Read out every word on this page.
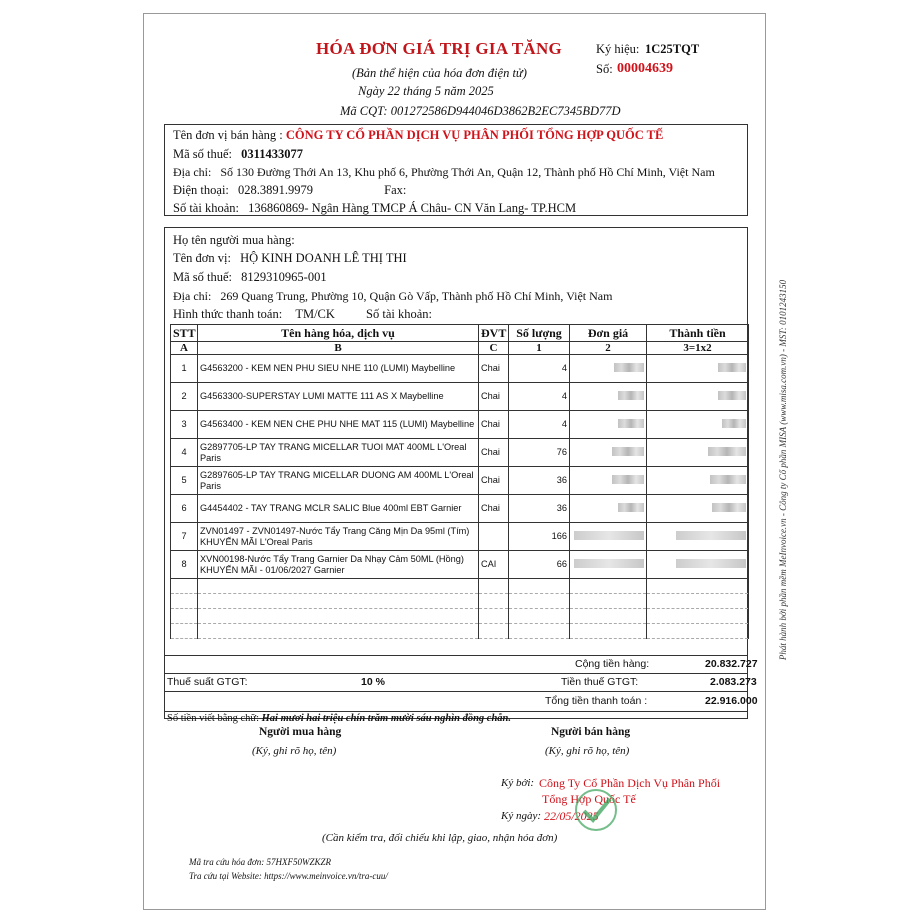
HÓA ĐƠN GIÁ TRỊ GIA TĂNG
(Bản thể hiện của hóa đơn điện tử)
Ngày 22 tháng 5 năm 2025
Mã CQT: 001272586D944046D3862B2EC7345BD77D
Ký hiệu: 1C25TQT
Số: 00004639
Tên đơn vị bán hàng : CÔNG TY CỔ PHẦN DỊCH VỤ PHÂN PHỐI TỔNG HỢP QUỐC TẾ
Mã số thuế: 0311433077
Địa chỉ: Số 130 Đường Thới An 13, Khu phố 6, Phường Thới An, Quận 12, Thành phố Hồ Chí Minh, Việt Nam
Điện thoại: 028.3891.9979	Fax:
Số tài khoản: 136860869- Ngân Hàng TMCP Á Châu- CN Văn Lang- TP.HCM
Họ tên người mua hàng:
Tên đơn vị: HỘ KINH DOANH LÊ THỊ THI
Mã số thuế: 8129310965-001
Địa chỉ: 269 Quang Trung, Phường 10, Quận Gò Vấp, Thành phố Hồ Chí Minh, Việt Nam
Hình thức thanh toán: TM/CK Số tài khoản:
STT	Tên hàng hóa, dịch vụ	ĐVT	Số lượng	Đơn giá	Thành tiền
A	B	C	1	2	3=1x2
1	G4563200 - KEM NEN PHU SIEU NHE 110 (LUMI) Maybelline	Chai	4		
2	G4563300-SUPERSTAY LUMI MATTE 111 AS X Maybelline	Chai	4		
3	G4563400 - KEM NEN CHE PHU NHE MAT 115 (LUMI) Maybelline	Chai	4		
4	G2897705-LP TAY TRANG MICELLAR TUOI MAT 400ML L'Oreal Paris	Chai	76		
5	G2897605-LP TAY TRANG MICELLAR DUONG AM 400ML L'Oreal Paris	Chai	36		
6	G4454402 - TAY TRANG MCLR SALIC Blue 400ml EBT Garnier	Chai	36		
7	ZVN01497 - ZVN01497-Nước Tẩy Trang Căng Mịn Da 95ml (Tím) KHUYẾN MÃI L'Oreal Paris		166		
8	XVN00198-Nước Tẩy Trang Garnier Da Nhạy Cảm 50ML (Hồng) KHUYẾN MÃI - 01/06/2027 Garnier	CAI	66		

Cộng tiền hàng:	20.832.727
Thuế suất GTGT:	10 %	Tiền thuế GTGT:	2.083.273
Tổng tiền thanh toán :	22.916.000
Số tiền viết bằng chữ: Hai mươi hai triệu chín trăm mười sáu nghìn đồng chẵn.
Người mua hàng
(Ký, ghi rõ họ, tên)
Người bán hàng
(Ký, ghi rõ họ, tên)
Ký bởi: Công Ty Cổ Phần Dịch Vụ Phân Phối
Tổng Hợp Quốc Tế
Ký ngày: 22/05/2025
(Cần kiểm tra, đối chiếu khi lập, giao, nhận hóa đơn)
Mã tra cứu hóa đơn: 57HXF50WZKZR
Tra cứu tại Website: https://www.meinvoice.vn/tra-cuu/
Phát hành bởi phần mềm MeInvoice.vn - Công ty Cổ phần MISA (www.misa.com.vn) - MST: 0101243150
